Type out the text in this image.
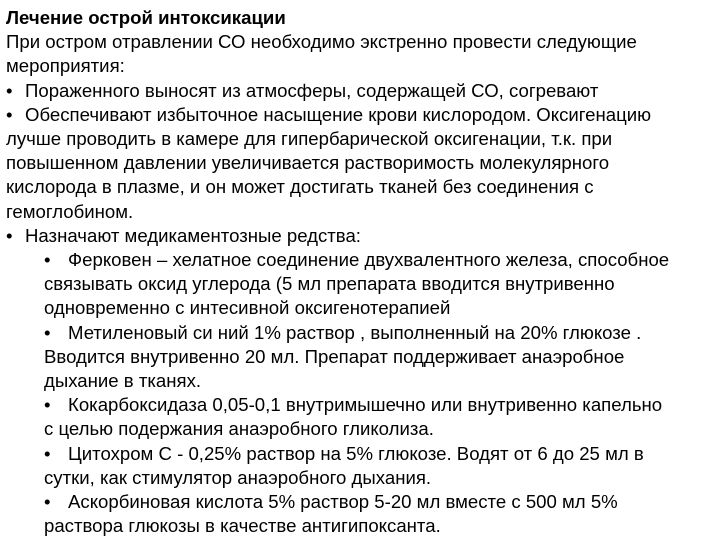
Лечение острой интоксикации
При остром отравлении СО необходимо экстренно провести следующие
мероприятия:
• Пораженного выносят из атмосферы, содержащей СО, согревают
• Обеспечивают избыточное насыщение крови кислородом. Оксигенацию
лучше проводить в камере для гипербарической оксигенации, т.к. при
повышенном давлении увеличивается растворимость молекулярного
кислорода в плазме, и он может достигать тканей без соединения с
гемоглобином.
• Назначают медикаментозные редства:
• Ферковен – хелатное соединение двухвалентного железа, способное
связывать оксид углерода (5 мл препарата вводится внутривенно
одновременно с интесивной оксигенотерапией
• Метиленовый си ний 1% раствор , выполненный на 20% глюкозе .
Вводится внутривенно 20 мл. Препарат поддерживает анаэробное
дыхание в тканях.
• Кокарбоксидаза 0,05-0,1 внутримышечно или внутривенно капельно
с целью подержания анаэробного гликолиза.
• Цитохром С - 0,25% раствор на 5% глюкозе. Водят от 6 до 25 мл в
сутки, как стимулятор анаэробного дыхания.
• Аскорбиновая кислота 5% раствор 5-20 мл вместе с 500 мл 5%
раствора глюкозы в качестве антигипоксанта.
